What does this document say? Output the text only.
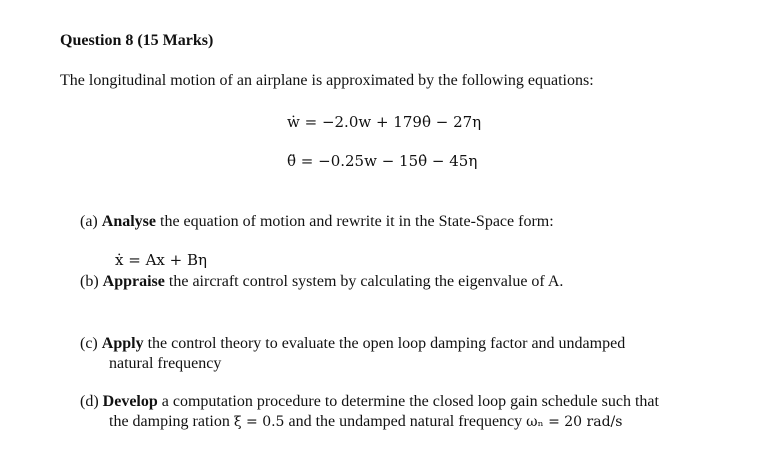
Question 8 (15 Marks)
The longitudinal motion of an airplane is approximated by the following equations:
ẇ = −2.0w + 179θ̇ − 27η
θ̈ = −0.25w − 15θ̇ − 45η
(a) Analyse the equation of motion and rewrite it in the State-Space form:
ẋ = Ax + Bη
(b) Appraise the aircraft control system by calculating the eigenvalue of A.
(c) Apply the control theory to evaluate the open loop damping factor and undamped
natural frequency
(d) Develop a computation procedure to determine the closed loop gain schedule such that
the damping ration ξ = 0.5 and the undamped natural frequency ωₙ = 20 rad/s
